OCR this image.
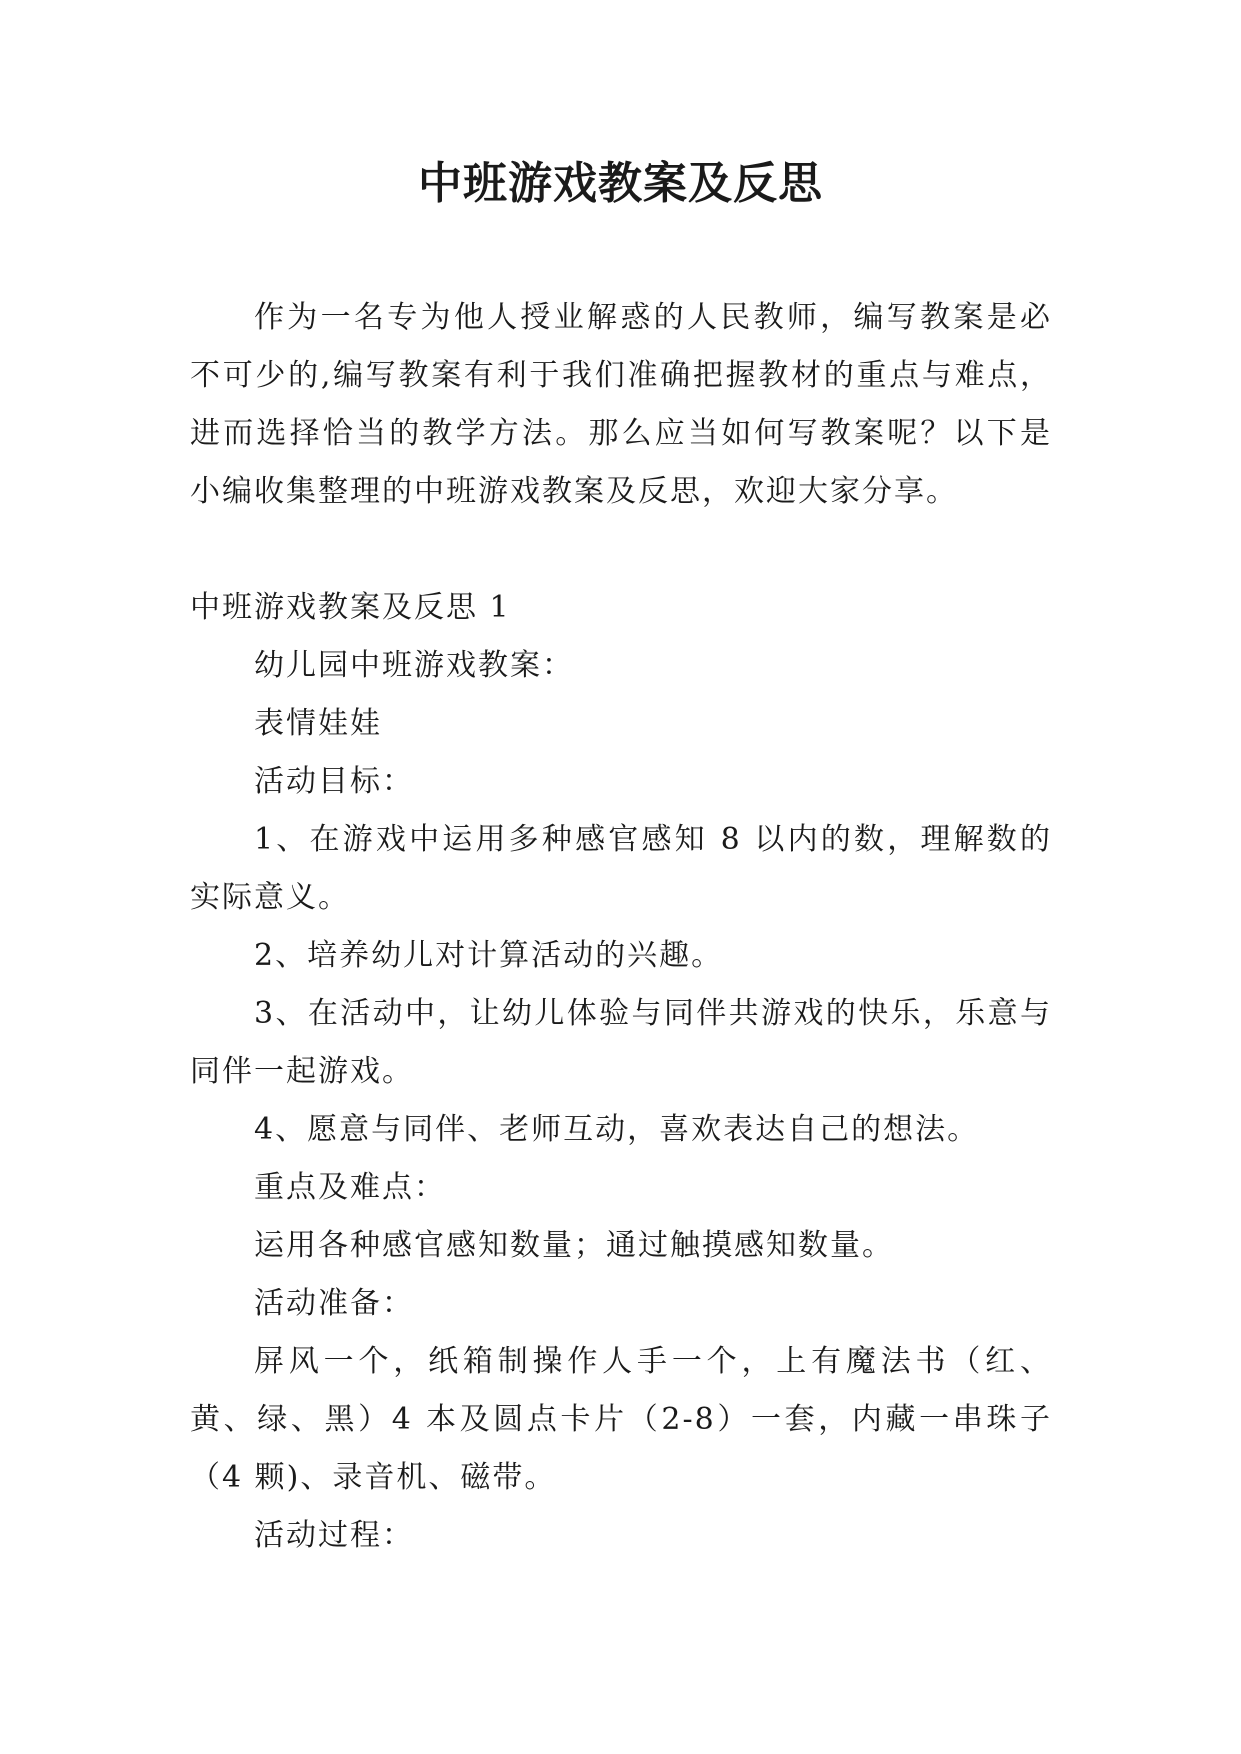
中班游戏教案及反思

作为一名专为他人授业解惑的人民教师，编写教案是必不可少的,编写教案有利于我们准确把握教材的重点与难点，进而选择恰当的教学方法。那么应当如何写教案呢？以下是小编收集整理的中班游戏教案及反思，欢迎大家分享。

中班游戏教案及反思 1

幼儿园中班游戏教案：

表情娃娃

活动目标：

1、在游戏中运用多种感官感知 8 以内的数，理解数的实际意义。

2、培养幼儿对计算活动的兴趣。

3、在活动中，让幼儿体验与同伴共游戏的快乐，乐意与同伴一起游戏。

4、愿意与同伴、老师互动，喜欢表达自己的想法。

重点及难点：

运用各种感官感知数量；通过触摸感知数量。

活动准备：

屏风一个，纸箱制操作人手一个，上有魔法书（红、黄、绿、黑）4 本及圆点卡片（2-8）一套，内藏一串珠子（4 颗)、录音机、磁带。

活动过程：
